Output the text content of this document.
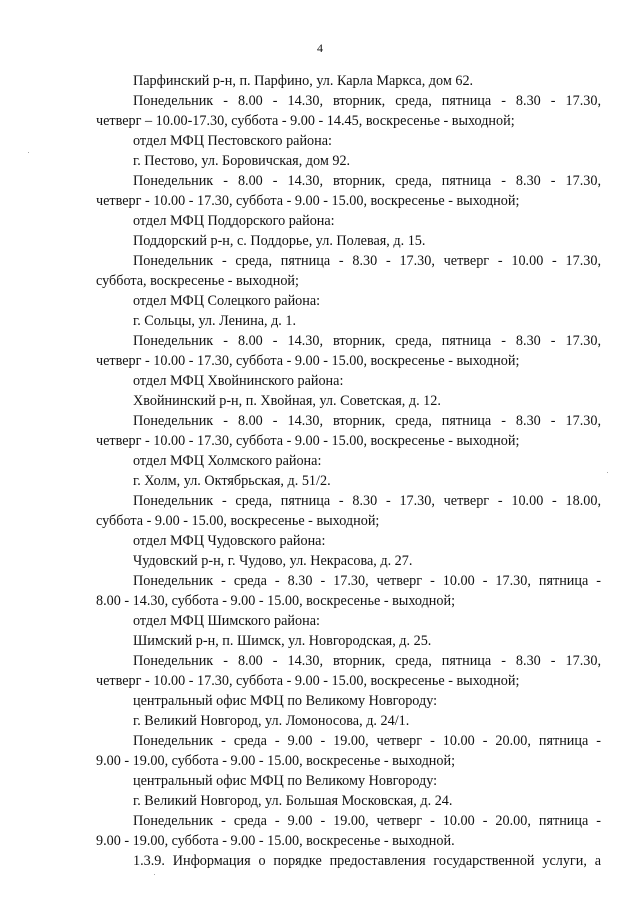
4
Парфинский р-н, п. Парфино, ул. Карла Маркса, дом 62.
Понедельник - 8.00 - 14.30, вторник, среда, пятница - 8.30 - 17.30,
четверг – 10.00-17.30, суббота - 9.00 - 14.45, воскресенье - выходной;
отдел МФЦ Пестовского района:
г. Пестово, ул. Боровичская, дом 92.
Понедельник - 8.00 - 14.30, вторник, среда, пятница - 8.30 - 17.30,
четверг - 10.00 - 17.30, суббота - 9.00 - 15.00, воскресенье - выходной;
отдел МФЦ Поддорского района:
Поддорский р-н, с. Поддорье, ул. Полевая, д. 15.
Понедельник - среда, пятница - 8.30 - 17.30, четверг - 10.00 - 17.30,
суббота, воскресенье - выходной;
отдел МФЦ Солецкого района:
г. Сольцы, ул. Ленина, д. 1.
Понедельник - 8.00 - 14.30, вторник, среда, пятница - 8.30 - 17.30,
четверг - 10.00 - 17.30, суббота - 9.00 - 15.00, воскресенье - выходной;
отдел МФЦ Хвойнинского района:
Хвойнинский р-н, п. Хвойная, ул. Советская, д. 12.
Понедельник - 8.00 - 14.30, вторник, среда, пятница - 8.30 - 17.30,
четверг - 10.00 - 17.30, суббота - 9.00 - 15.00, воскресенье - выходной;
отдел МФЦ Холмского района:
г. Холм, ул. Октябрьская, д. 51/2.
Понедельник - среда, пятница - 8.30 - 17.30, четверг - 10.00 - 18.00,
суббота - 9.00 - 15.00, воскресенье - выходной;
отдел МФЦ Чудовского района:
Чудовский р-н, г. Чудово, ул. Некрасова, д. 27.
Понедельник - среда - 8.30 - 17.30, четверг - 10.00 - 17.30, пятница -
8.00 - 14.30, суббота - 9.00 - 15.00, воскресенье - выходной;
отдел МФЦ Шимского района:
Шимский р-н, п. Шимск, ул. Новгородская, д. 25.
Понедельник - 8.00 - 14.30, вторник, среда, пятница - 8.30 - 17.30,
четверг - 10.00 - 17.30, суббота - 9.00 - 15.00, воскресенье - выходной;
центральный офис МФЦ по Великому Новгороду:
г. Великий Новгород, ул. Ломоносова, д. 24/1.
Понедельник - среда - 9.00 - 19.00, четверг - 10.00 - 20.00, пятница -
9.00 - 19.00, суббота - 9.00 - 15.00, воскресенье - выходной;
центральный офис МФЦ по Великому Новгороду:
г. Великий Новгород, ул. Большая Московская, д. 24.
Понедельник - среда - 9.00 - 19.00, четверг - 10.00 - 20.00, пятница -
9.00 - 19.00, суббота - 9.00 - 15.00, воскресенье - выходной.
1.3.9. Информация о порядке предоставления государственной услуги, а
